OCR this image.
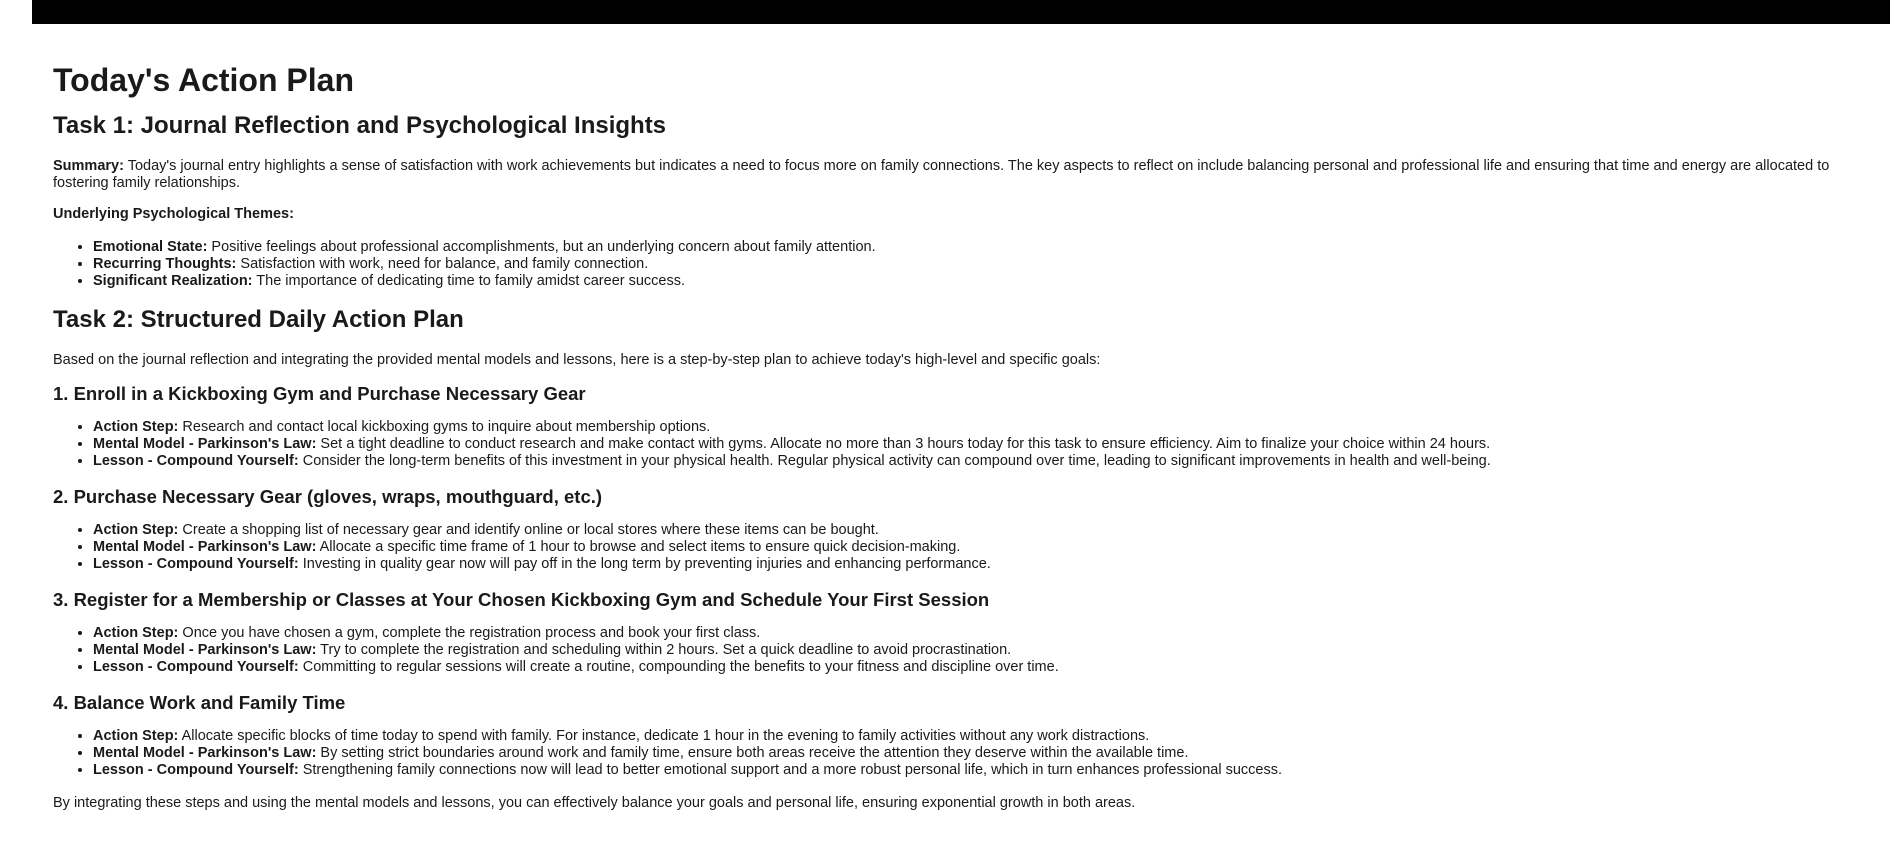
Today's Action Plan
Task 1: Journal Reflection and Psychological Insights

Summary: Today's journal entry highlights a sense of satisfaction with work achievements but indicates a need to focus more on family connections. The key aspects to reflect on include balancing personal and professional life and ensuring that time and energy are allocated to fostering family relationships.

Underlying Psychological Themes:

• Emotional State: Positive feelings about professional accomplishments, but an underlying concern about family attention.
• Recurring Thoughts: Satisfaction with work, need for balance, and family connection.
• Significant Realization: The importance of dedicating time to family amidst career success.
Task 2: Structured Daily Action Plan

Based on the journal reflection and integrating the provided mental models and lessons, here is a step-by-step plan to achieve today's high-level and specific goals:

1. Enroll in a Kickboxing Gym and Purchase Necessary Gear
• Action Step: Research and contact local kickboxing gyms to inquire about membership options.
• Mental Model - Parkinson's Law: Set a tight deadline to conduct research and make contact with gyms. Allocate no more than 3 hours today for this task to ensure efficiency. Aim to finalize your choice within 24 hours.
• Lesson - Compound Yourself: Consider the long-term benefits of this investment in your physical health. Regular physical activity can compound over time, leading to significant improvements in health and well-being.
2. Purchase Necessary Gear (gloves, wraps, mouthguard, etc.)
• Action Step: Create a shopping list of necessary gear and identify online or local stores where these items can be bought.
• Mental Model - Parkinson's Law: Allocate a specific time frame of 1 hour to browse and select items to ensure quick decision-making.
• Lesson - Compound Yourself: Investing in quality gear now will pay off in the long term by preventing injuries and enhancing performance.
3. Register for a Membership or Classes at Your Chosen Kickboxing Gym and Schedule Your First Session
• Action Step: Once you have chosen a gym, complete the registration process and book your first class.
• Mental Model - Parkinson's Law: Try to complete the registration and scheduling within 2 hours. Set a quick deadline to avoid procrastination.
• Lesson - Compound Yourself: Committing to regular sessions will create a routine, compounding the benefits to your fitness and discipline over time.
4. Balance Work and Family Time
• Action Step: Allocate specific blocks of time today to spend with family. For instance, dedicate 1 hour in the evening to family activities without any work distractions.
• Mental Model - Parkinson's Law: By setting strict boundaries around work and family time, ensure both areas receive the attention they deserve within the available time.
• Lesson - Compound Yourself: Strengthening family connections now will lead to better emotional support and a more robust personal life, which in turn enhances professional success.

By integrating these steps and using the mental models and lessons, you can effectively balance your goals and personal life, ensuring exponential growth in both areas.
